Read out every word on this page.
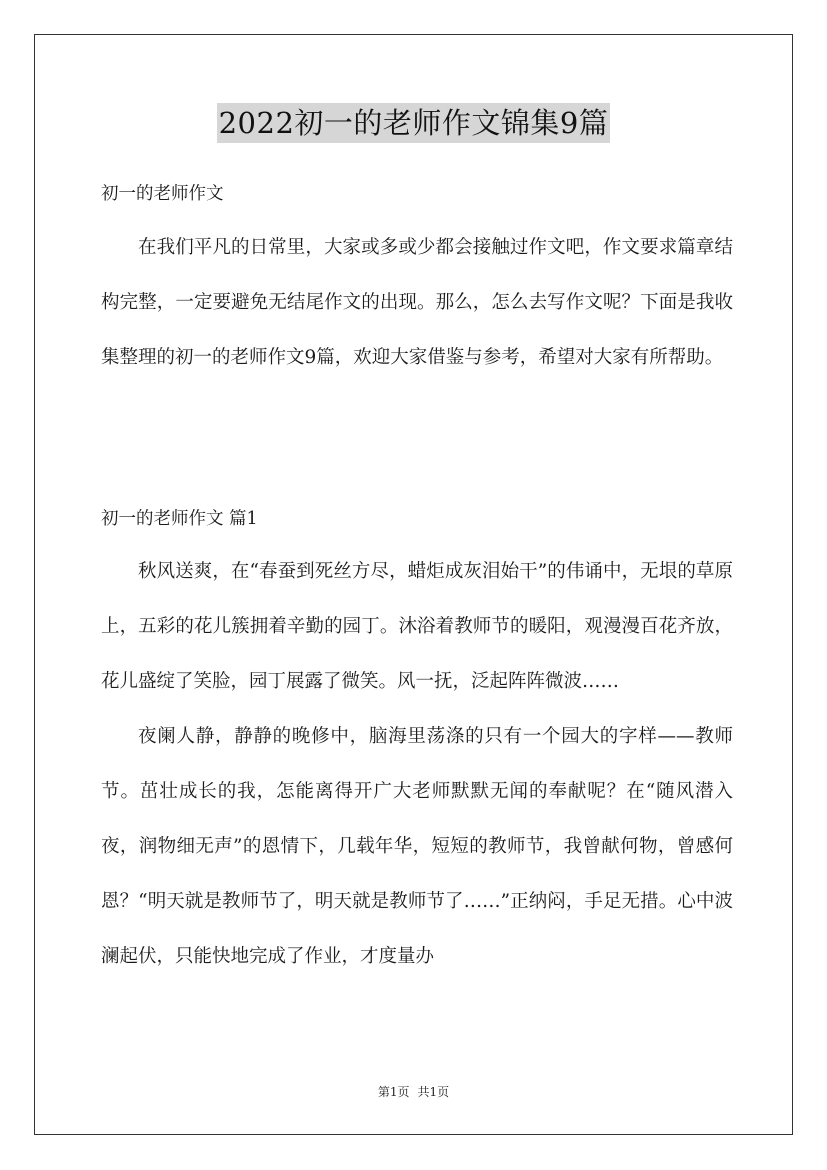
2022初一的老师作文锦集9篇
初一的老师作文

在我们平凡的日常里，大家或多或少都会接触过作文吧，作文要求篇章结构完整，一定要避免无结尾作文的出现。那么，怎么去写作文呢？下面是我收集整理的初一的老师作文9篇，欢迎大家借鉴与参考，希望对大家有所帮助。

初一的老师作文 篇1

秋风送爽，在“春蚕到死丝方尽，蜡炬成灰泪始干”的伟诵中，无垠的草原上，五彩的花儿簇拥着辛勤的园丁。沐浴着教师节的暖阳，观漫漫百花齐放，花儿盛绽了笑脸，园丁展露了微笑。风一抚，泛起阵阵微波……

夜阑人静，静静的晚修中，脑海里荡涤的只有一个园大的字样——教师节。茁壮成长的我，怎能离得开广大老师默默无闻的奉献呢？在“随风潜入夜，润物细无声”的恩情下，几载年华，短短的教师节，我曾献何物，曾感何恩？“明天就是教师节了，明天就是教师节了……”正纳闷，手足无措。心中波澜起伏，只能快地完成了作业，才度量办

第1页 共1页
